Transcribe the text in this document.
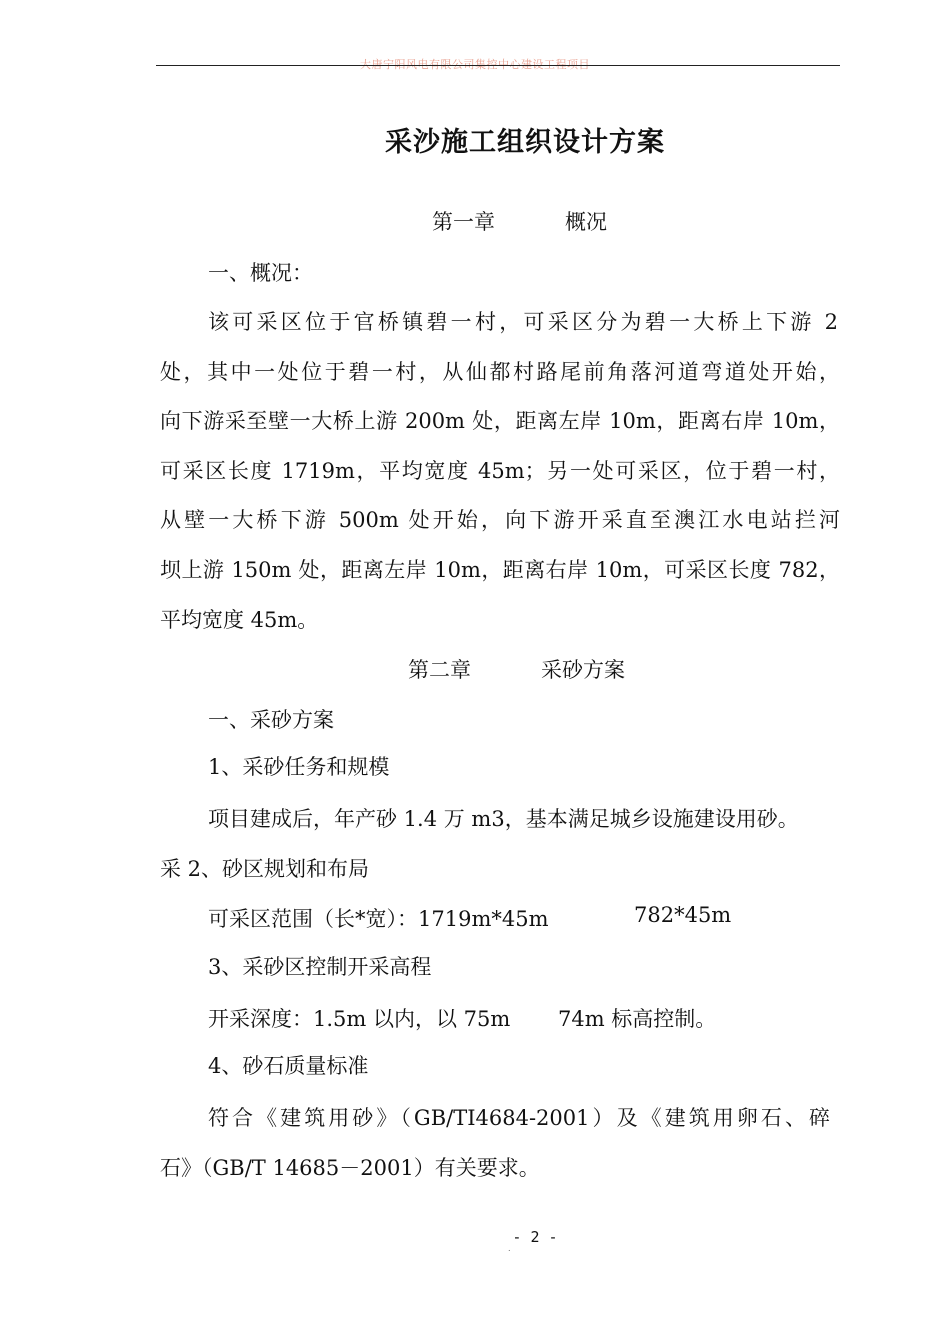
大唐宁阳风电有限公司集控中心建设工程项目
采沙施工组织设计方案
第一章	概况
一、概况：
该可采区位于官桥镇碧一村，可采区分为碧一大桥上下游 2
处，其中一处位于碧一村，从仙都村路尾前角落河道弯道处开始，
向下游采至壁一大桥上游 200m 处，距离左岸 10m，距离右岸 10m，
可采区长度 1719m，平均宽度 45m；另一处可采区，位于碧一村，
从壁一大桥下游 500m 处开始，向下游开采直至澳江水电站拦河
坝上游 150m 处，距离左岸 10m，距离右岸 10m，可采区长度 782，
平均宽度 45m。
第二章	采砂方案
一、采砂方案
1、采砂任务和规模
项目建成后，年产砂 1.4 万 m3，基本满足城乡设施建设用砂。
采 2、砂区规划和布局
可采区范围（长*宽）：1719m*45m	782*45m
3、采砂区控制开采高程
开采深度：1.5m 以内，以 75m 74m 标高控制。
4、砂石质量标准
符合《建筑用砂》（GB/TI4684-2001）及《建筑用卵石、碎
石》（GB/T 14685－2001）有关要求。
- 2 -
.
